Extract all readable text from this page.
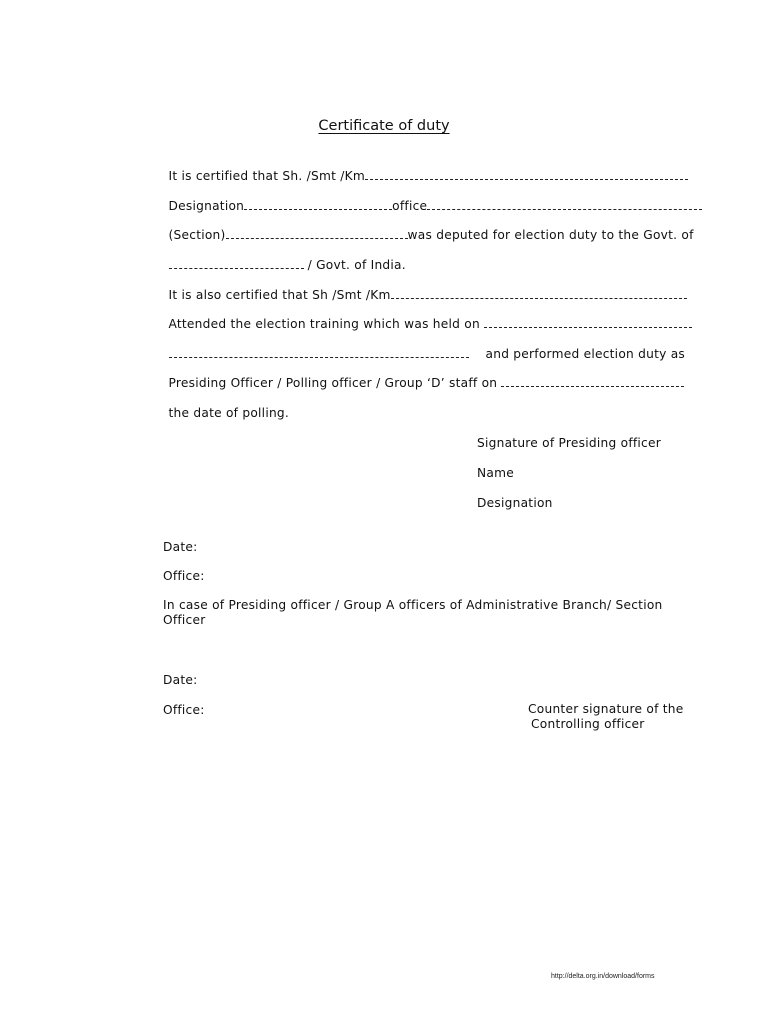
Certificate of duty

It is certified that Sh. /Smt /Km

Designation	office

(Section)	was deputed for election duty to the Govt. of

/ Govt. of India.

It is also certified that Sh /Smt /Km

Attended the election training which was held on

and performed election duty as

Presiding Officer / Polling officer / Group ‘D’ staff on

the date of polling.

Signature of Presiding officer
Name
Designation
Date:
Office:
In case of Presiding officer / Group A officers of Administrative Branch/ Section Officer
Date:
Office:	Counter signature of the
Controlling officer
http://delta.org.in/download/forms
